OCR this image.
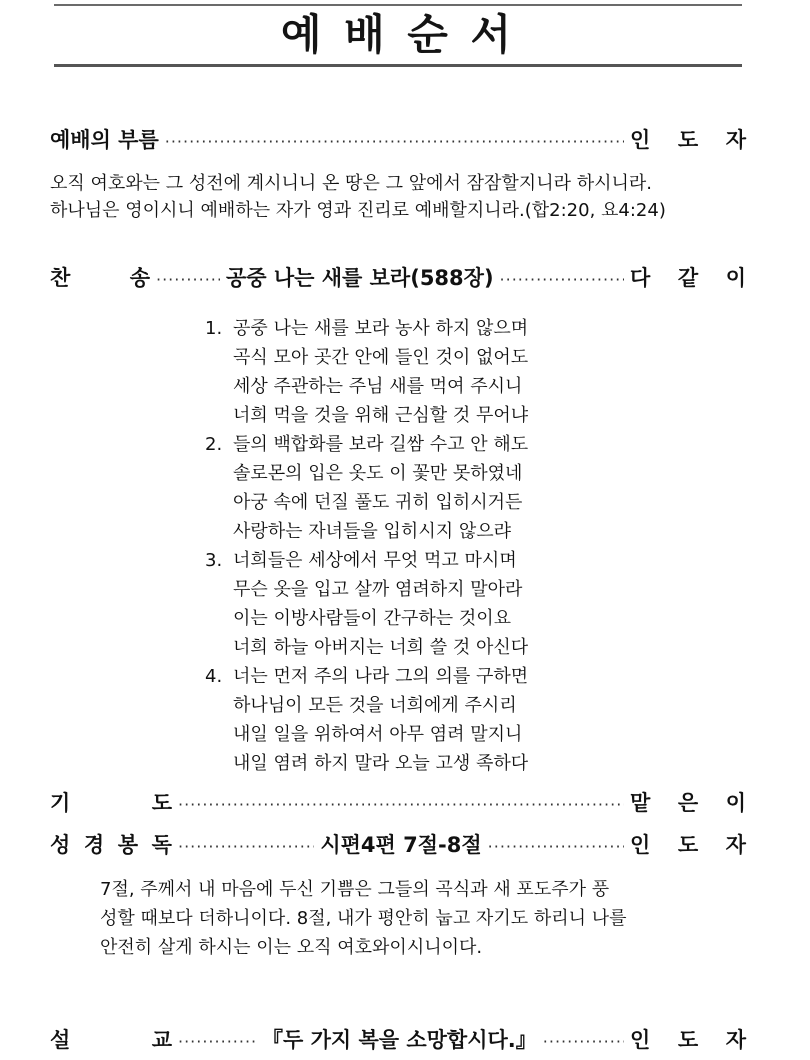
예 배 순 서
예배의 부름 ·····	인 도 자
오직 여호와는 그 성전에 계시니니 온 땅은 그 앞에서 잠잠할지니라 하시니라.
하나님은 영이시니 예배하는 자가 영과 진리로 예배할지니라.(합2:20, 요4:24)
찬	송 ·····	공중 나는 새를 보라(588장) ·····	다 같 이
1. 공중 나는 새를 보라 농사 하지 않으며
곡식 모아 곳간 안에 들인 것이 없어도
세상 주관하는 주님 새를 먹여 주시니
너희 먹을 것을 위해 근심할 것 무어냐
2. 들의 백합화를 보라 길쌈 수고 안 해도
솔로몬의 입은 옷도 이 꽃만 못하였네
아궁 속에 던질 풀도 귀히 입히시거든
사랑하는 자녀들을 입히시지 않으랴
3. 너희들은 세상에서 무엇 먹고 마시며
무슨 옷을 입고 살까 염려하지 말아라
이는 이방사람들이 간구하는 것이요
너희 하늘 아버지는 너희 쓸 것 아신다
4. 너는 먼저 주의 나라 그의 의를 구하면
하나님이 모든 것을 너희에게 주시리
내일 일을 위하여서 아무 염려 말지니
내일 염려 하지 말라 오늘 고생 족하다
기	도 ·····	맡 은 이
성 경 봉 독 ·····	시편4편 7절-8절 ·····	인 도 자
7절, 주께서 내 마음에 두신 기쁨은 그들의 곡식과 새 포도주가 풍
성할 때보다 더하니이다. 8절, 내가 평안히 눕고 자기도 하리니 나를
안전히 살게 하시는 이는 오직 여호와이시니이다.
설	교 ·····	『두 가지 복을 소망합시다.』 ·····	인 도 자
